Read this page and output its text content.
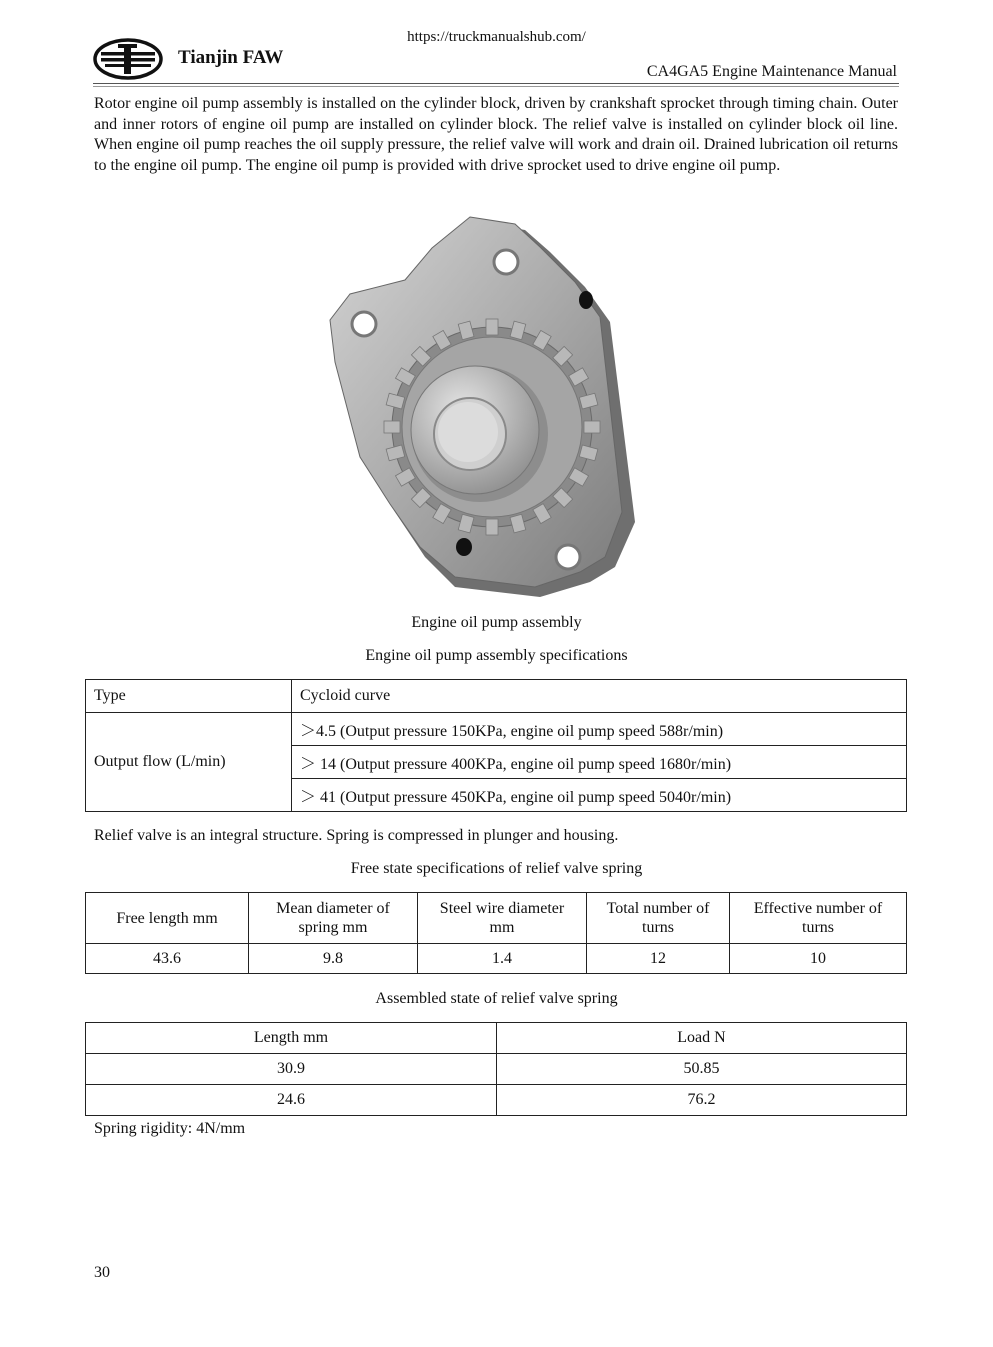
https://truckmanualshub.com/
Tianjin FAW
CA4GA5 Engine Maintenance Manual

Rotor engine oil pump assembly is installed on the cylinder block, driven by crankshaft sprocket through timing chain. Outer and inner rotors of engine oil pump are installed on cylinder block. The relief valve is installed on cylinder block oil line. When engine oil pump reaches the oil supply pressure, the relief valve will work and drain oil. Drained lubrication oil returns to the engine oil pump. The engine oil pump is provided with drive sprocket used to drive engine oil pump.

Engine oil pump assembly
Engine oil pump assembly specifications
Type	Cycloid curve
Output flow (L/min)	＞4.5 (Output pressure 150KPa, engine oil pump speed 588r/min)
	＞ 14 (Output pressure 400KPa, engine oil pump speed 1680r/min)
	＞ 41 (Output pressure 450KPa, engine oil pump speed 5040r/min)

Relief valve is an integral structure. Spring is compressed in plunger and housing.

Free state specifications of relief valve spring
Free length mm	Mean diameter of spring mm	Steel wire diameter mm	Total number of turns	Effective number of turns
43.6	9.8	1.4	12	10
Assembled state of relief valve spring
Length mm	Load N
30.9	50.85
24.6	76.2

Spring rigidity: 4N/mm

30
